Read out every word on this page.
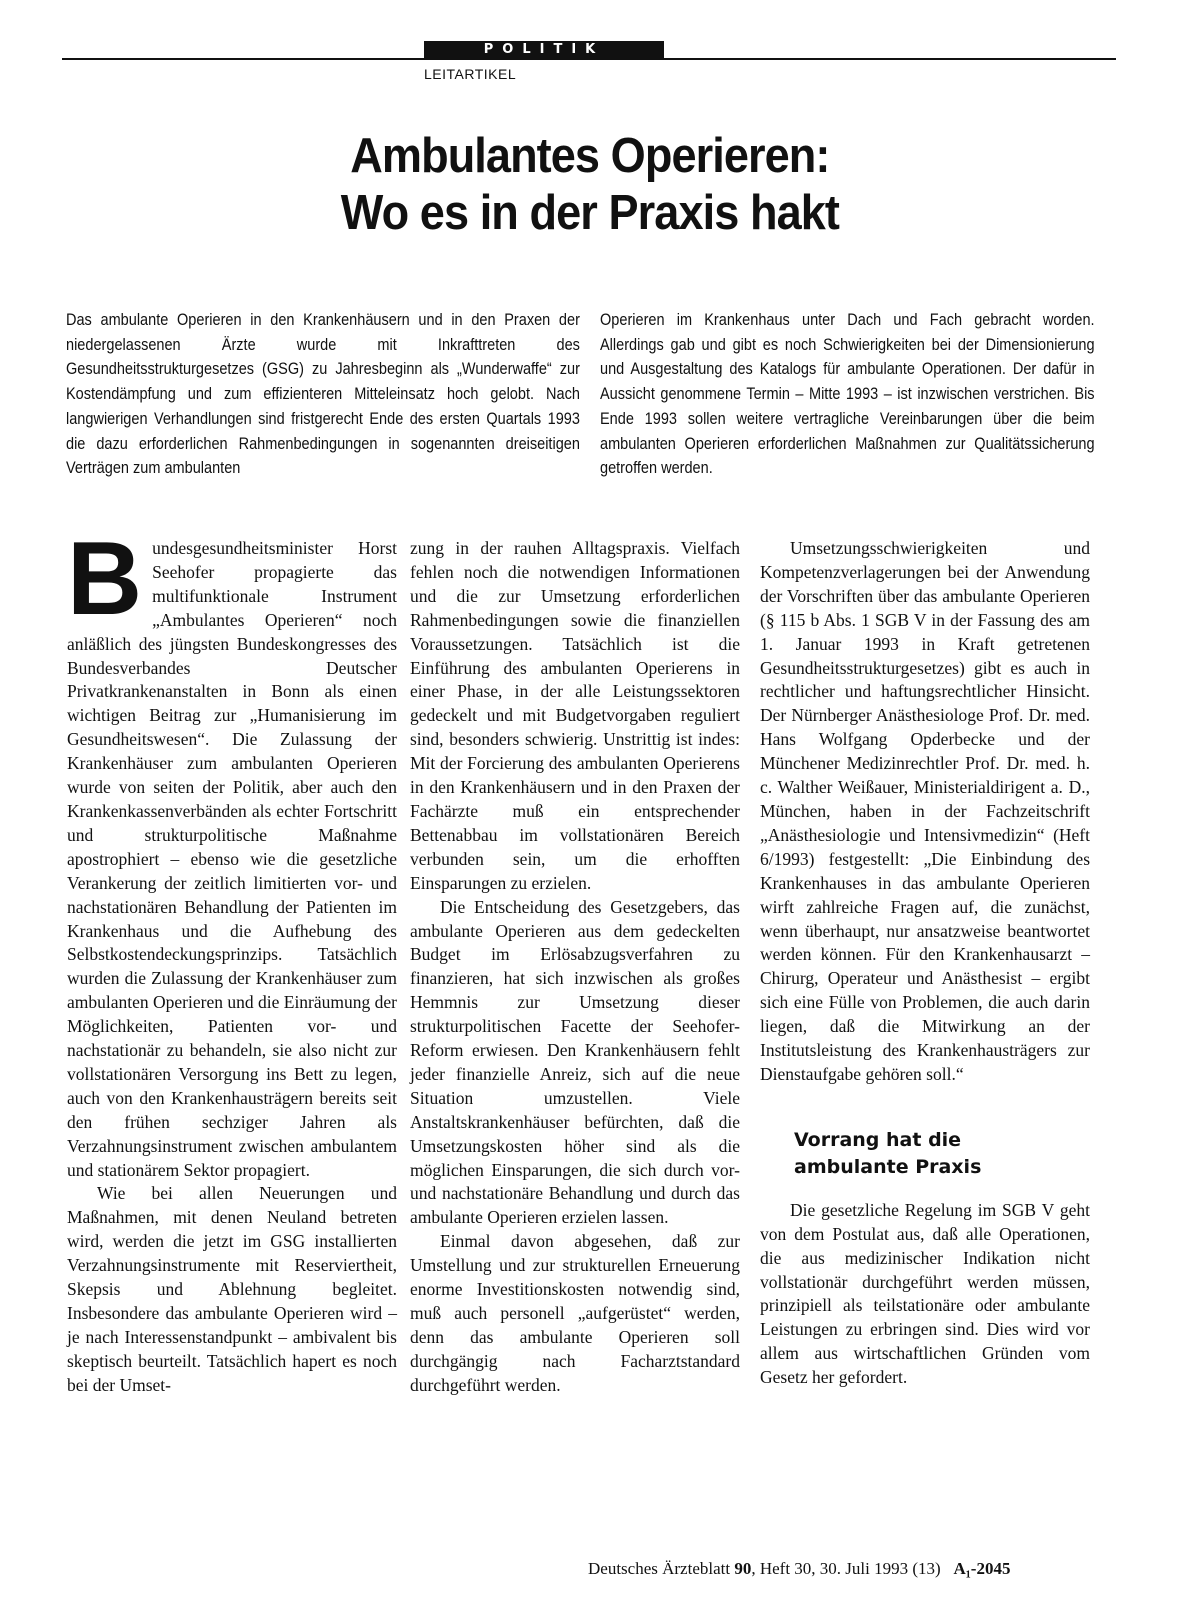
POLITIK
LEITARTIKEL
Ambulantes Operieren:
Wo es in der Praxis hakt

Das ambulante Operieren in den Krankenhäusern und in den Praxen der niedergelassenen Ärzte wurde mit Inkrafttreten des Gesundheitsstrukturgesetzes (GSG) zu Jahresbeginn als „Wunderwaffe“ zur Kostendämpfung und zum effizienteren Mitteleinsatz hoch gelobt. Nach langwierigen Verhandlungen sind fristgerecht Ende des ersten Quartals 1993 die dazu erforderlichen Rahmenbedingungen in sogenannten dreiseitigen Verträgen zum ambulanten

Operieren im Krankenhaus unter Dach und Fach gebracht worden. Allerdings gab und gibt es noch Schwierigkeiten bei der Dimensionierung und Ausgestaltung des Katalogs für ambulante Operationen. Der dafür in Aussicht genommene Termin – Mitte 1993 – ist inzwischen verstrichen. Bis Ende 1993 sollen weitere vertragliche Vereinbarungen über die beim ambulanten Operieren erforderlichen Maßnahmen zur Qualitätssicherung getroffen werden.

Bundesgesundheitsminister Horst Seehofer propagierte das multifunktionale Instrument „Ambulantes Operieren“ noch anläßlich des jüngsten Bundeskongresses des Bundesverbandes Deutscher Privatkrankenanstalten in Bonn als einen wichtigen Beitrag zur „Humanisierung im Gesundheitswesen“. Die Zulassung der Krankenhäuser zum ambulanten Operieren wurde von seiten der Politik, aber auch den Krankenkassenverbänden als echter Fortschritt und strukturpolitische Maßnahme apostrophiert – ebenso wie die gesetzliche Verankerung der zeitlich limitierten vor- und nachstationären Behandlung der Patienten im Krankenhaus und die Aufhebung des Selbstkostendeckungsprinzips. Tatsächlich wurden die Zulassung der Krankenhäuser zum ambulanten Operieren und die Einräumung der Möglichkeiten, Patienten vor- und nachstationär zu behandeln, sie also nicht zur vollstationären Versorgung ins Bett zu legen, auch von den Krankenhausträgern bereits seit den frühen sechziger Jahren als Verzahnungsinstrument zwischen ambulantem und stationärem Sektor propagiert.

Wie bei allen Neuerungen und Maßnahmen, mit denen Neuland betreten wird, werden die jetzt im GSG installierten Verzahnungsinstrumente mit Reserviertheit, Skepsis und Ablehnung begleitet. Insbesondere das ambulante Operieren wird – je nach Interessenstandpunkt – ambivalent bis skeptisch beurteilt. Tatsächlich hapert es noch bei der Umset-

zung in der rauhen Alltagspraxis. Vielfach fehlen noch die notwendigen Informationen und die zur Umsetzung erforderlichen Rahmenbedingungen sowie die finanziellen Voraussetzungen. Tatsächlich ist die Einführung des ambulanten Operierens in einer Phase, in der alle Leistungssektoren gedeckelt und mit Budgetvorgaben reguliert sind, besonders schwierig. Unstrittig ist indes: Mit der Forcierung des ambulanten Operierens in den Krankenhäusern und in den Praxen der Fachärzte muß ein entsprechender Bettenabbau im vollstationären Bereich verbunden sein, um die erhofften Einsparungen zu erzielen.

Die Entscheidung des Gesetzgebers, das ambulante Operieren aus dem gedeckelten Budget im Erlösabzugsverfahren zu finanzieren, hat sich inzwischen als großes Hemmnis zur Umsetzung dieser strukturpolitischen Facette der Seehofer-Reform erwiesen. Den Krankenhäusern fehlt jeder finanzielle Anreiz, sich auf die neue Situation umzustellen. Viele Anstaltskrankenhäuser befürchten, daß die Umsetzungskosten höher sind als die möglichen Einsparungen, die sich durch vor- und nachstationäre Behandlung und durch das ambulante Operieren erzielen lassen.

Einmal davon abgesehen, daß zur Umstellung und zur strukturellen Erneuerung enorme Investitionskosten notwendig sind, muß auch personell „aufgerüstet“ werden, denn das ambulante Operieren soll durchgängig nach Facharztstandard durchgeführt werden.

Umsetzungsschwierigkeiten und Kompetenzverlagerungen bei der Anwendung der Vorschriften über das ambulante Operieren (§ 115 b Abs. 1 SGB V in der Fassung des am 1. Januar 1993 in Kraft getretenen Gesundheitsstrukturgesetzes) gibt es auch in rechtlicher und haftungsrechtlicher Hinsicht. Der Nürnberger Anästhesiologe Prof. Dr. med. Hans Wolfgang Opderbecke und der Münchener Medizinrechtler Prof. Dr. med. h. c. Walther Weißauer, Ministerialdirigent a. D., München, haben in der Fachzeitschrift „Anästhesiologie und Intensivmedizin“ (Heft 6/1993) festgestellt: „Die Einbindung des Krankenhauses in das ambulante Operieren wirft zahlreiche Fragen auf, die zunächst, wenn überhaupt, nur ansatzweise beantwortet werden können. Für den Krankenhausarzt – Chirurg, Operateur und Anästhesist – ergibt sich eine Fülle von Problemen, die auch darin liegen, daß die Mitwirkung an der Institutsleistung des Krankenhausträgers zur Dienstaufgabe gehören soll.“

Vorrang hat die
ambulante Praxis

Die gesetzliche Regelung im SGB V geht von dem Postulat aus, daß alle Operationen, die aus medizinischer Indikation nicht vollstationär durchgeführt werden müssen, prinzipiell als teilstationäre oder ambulante Leistungen zu erbringen sind. Dies wird vor allem aus wirtschaftlichen Gründen vom Gesetz her gefordert.

Deutsches Ärzteblatt 90, Heft 30, 30. Juli 1993 (13) A₁-2045
